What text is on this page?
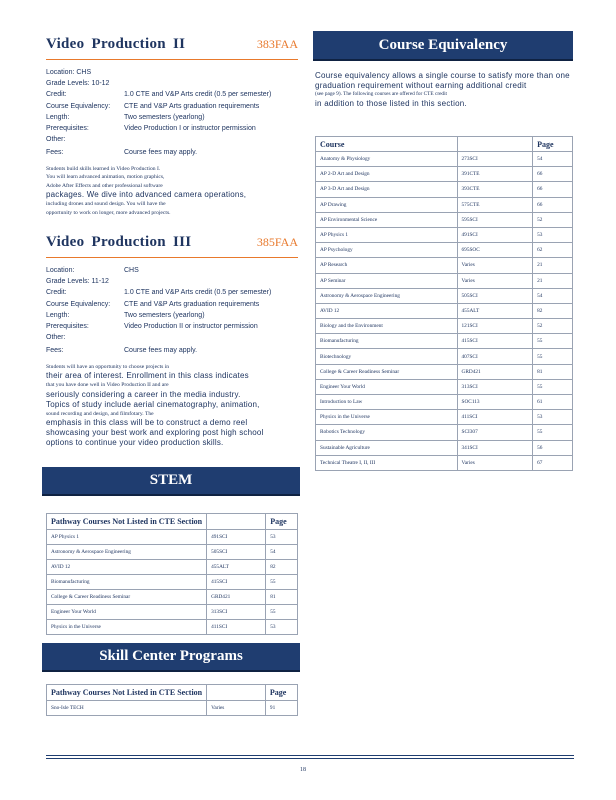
Video Production II	383FAA
Location: CHS
Grade Levels: 10-12
Credit:	1.0 CTE and V&P Arts credit (0.5 per semester)
Course Equivalency:	CTE and V&P Arts graduation requirements
Length:	Two semesters (yearlong)
Prerequisites:	Video Production I or instructor permission
Other:
Fees:	Course fees may apply.
Students build skills learned in Video Production I.
You will learn advanced animation, motion graphics,
Adobe After Effects and other professional software
packages. We dive into advanced camera operations,
including drones and sound design. You will have the
opportunity to work on longer, more advanced projects.
Video Production III	385FAA
Location:	CHS
Grade Levels: 11-12
Credit:	1.0 CTE and V&P Arts credit (0.5 per semester)
Course Equivalency:	CTE and V&P Arts graduation requirements
Length:	Two semesters (yearlong)
Prerequisites:	Video Production II or instructor permission
Other:
Fees:	Course fees may apply.
Students will have an opportunity to choose projects in
their area of interest. Enrollment in this class indicates
that you have done well in Video Production II and are
seriously considering a career in the media industry.
Topics of study include aerial cinematography, animation,
sound recording and design, and filmfotary. The
emphasis in this class will be to construct a demo reel
showcasing your best work and exploring post high school
options to continue your video production skills.
STEM
Pathway Courses Not Listed in CTE Section		Page
AP Physics 1	491SCI	53
Astronomy & Aerospace Engineering	505SCI	54
AVID 12	455ALT	82
Biomanufacturing	415SCI	55
College & Career Readiness Seminar	GRD421	81
Engineer Your World	313SCI	55
Physics in the Universe	411SCI	53
Skill Center Programs
Pathway Courses Not Listed in CTE Section		Page
Sno-Isle TECH	Varies	91
Course Equivalency
Course equivalency allows a single course to satisfy more than one graduation requirement without earning additional credit
(see page 9). The following courses are offered for CTE credit
in addition to those listed in this section.
Course		Page
Anatomy & Physiology	273SCI	54
AP 2-D Art and Design	391CTE	66
AP 3-D Art and Design	393CTE	66
AP Drawing	575CTE	66
AP Environmental Science	595SCI	52
AP Physics 1	491SCI	53
AP Psychology	695SOC	62
AP Research	Varies	21
AP Seminar	Varies	21
Astronomy & Aerospace Engineering	505SCI	54
AVID 12	455ALT	82
Biology and the Environment	121SCI	52
Biomanufacturing	415SCI	55
Biotechnology	407SCI	55
College & Career Readiness Seminar	GRD421	81
Engineer Your World	313SCI	55
Introduction to Law	SOC113	61
Physics in the Universe	411SCI	53
Robotics Technology	SCI307	55
Sustainable Agriculture	341SCI	56
Technical Theatre I, II, III	Varies	67
18
